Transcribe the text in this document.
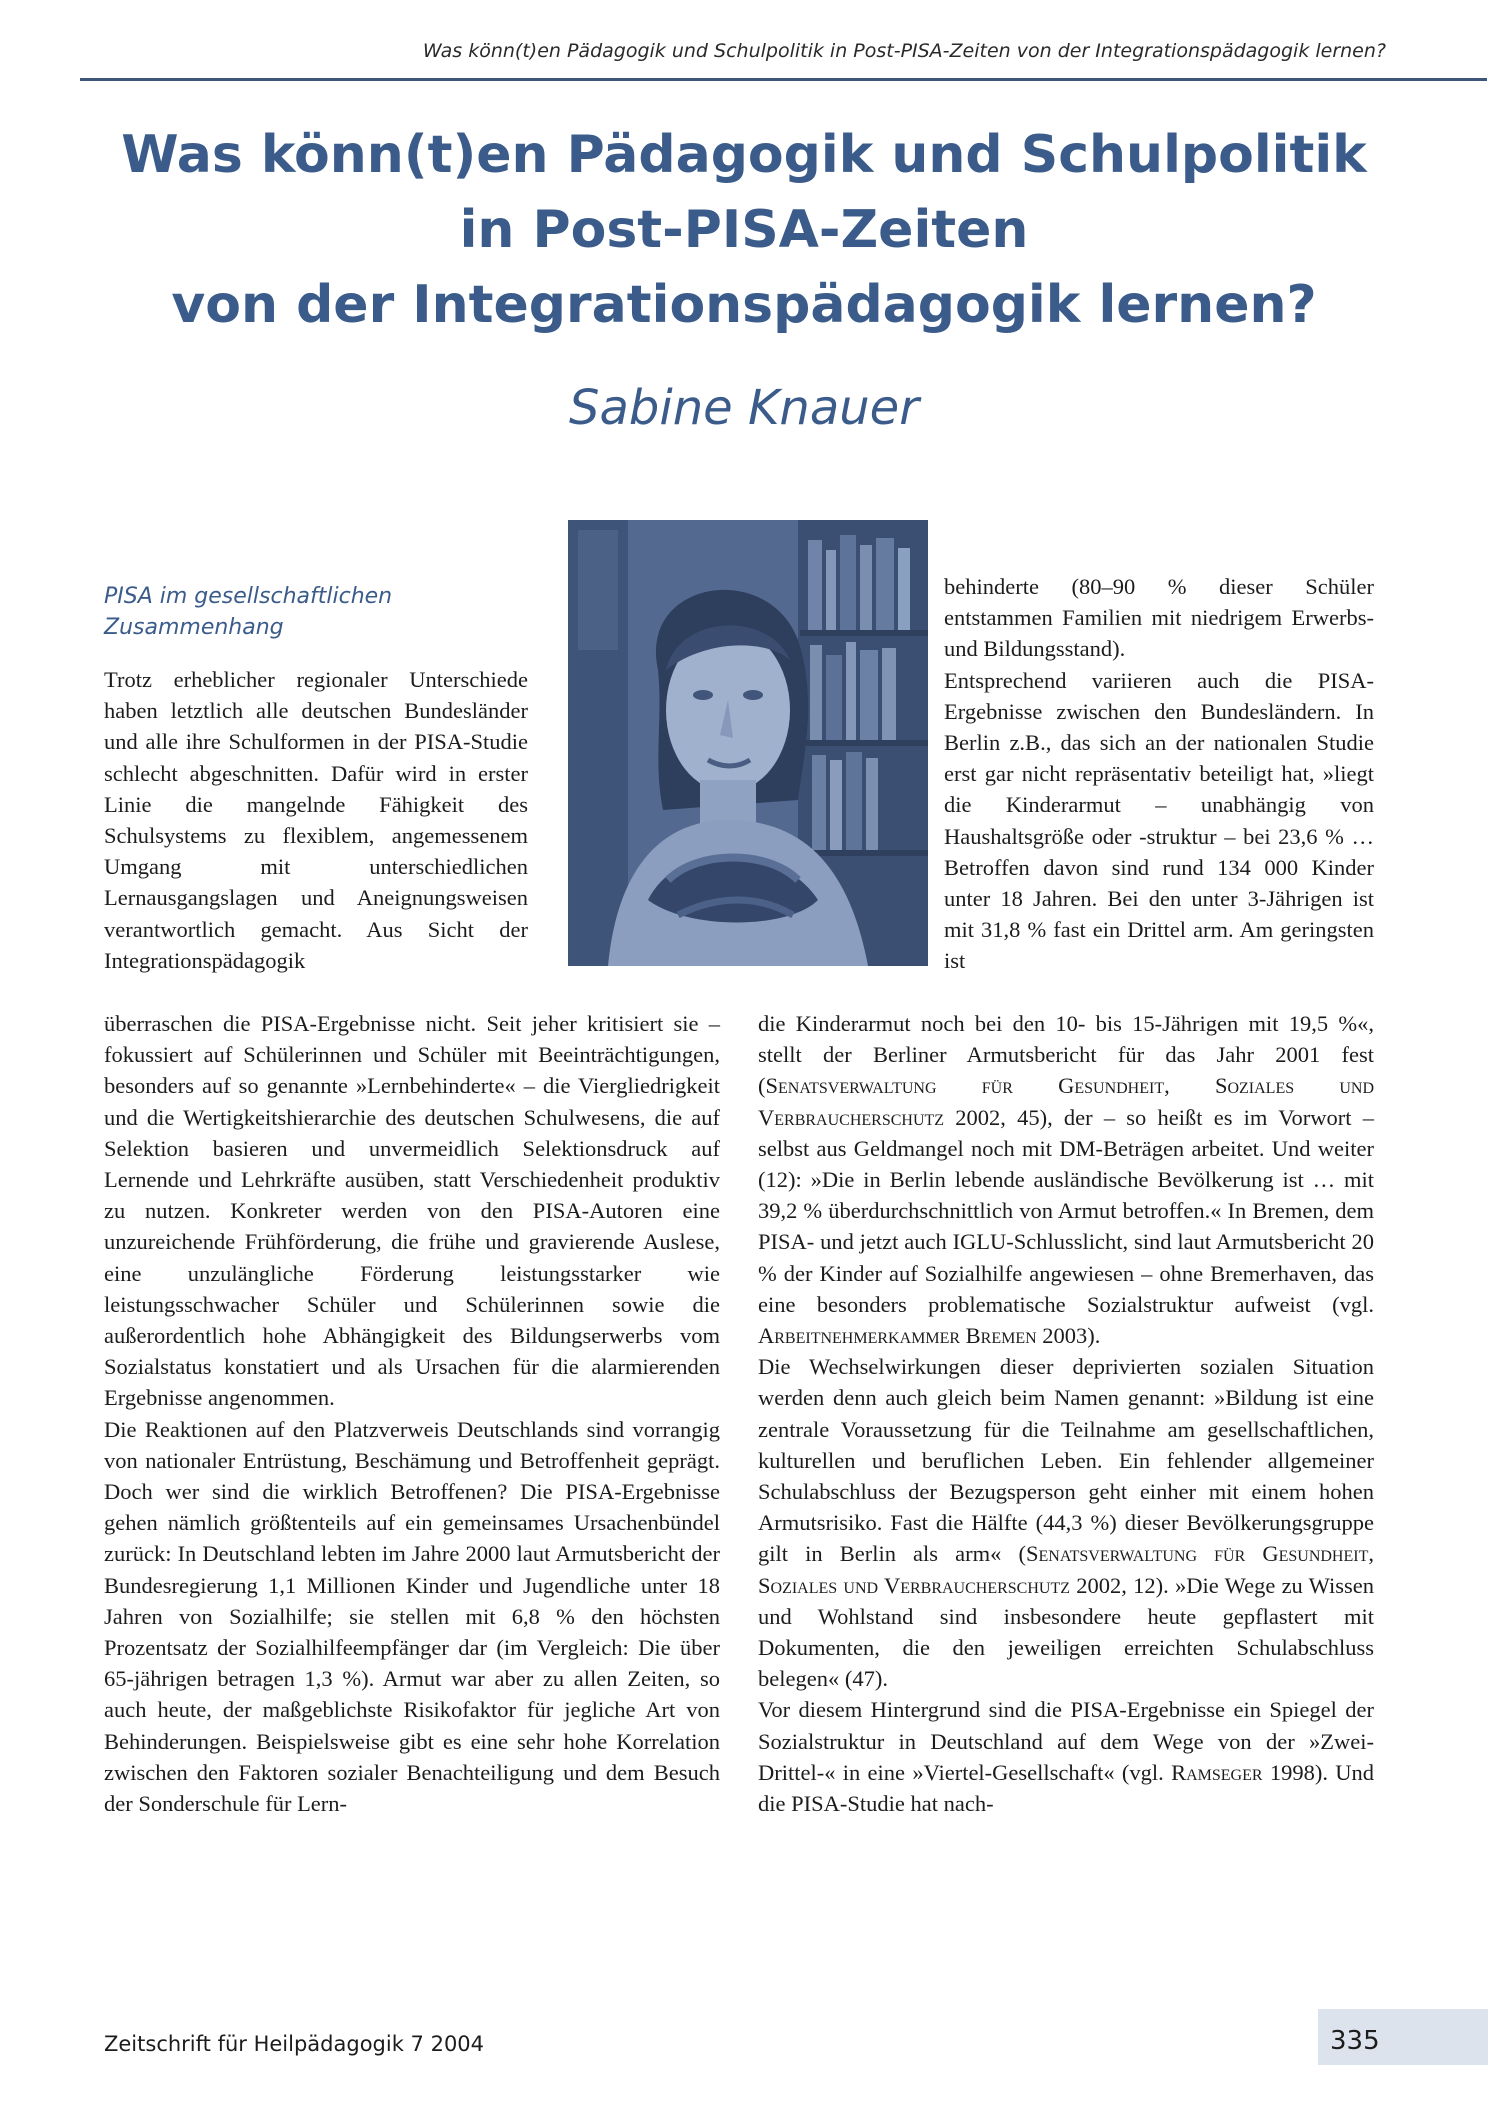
Was könn(t)en Pädagogik und Schulpolitik in Post-PISA-Zeiten von der Integrationspädagogik lernen?
Was könn(t)en Pädagogik und Schulpolitik
in Post-PISA-Zeiten
von der Integrationspädagogik lernen?
Sabine Knauer
PISA im gesellschaftlichen
Zusammenhang

Trotz erheblicher regionaler Unterschiede haben letztlich alle deutschen Bundesländer und alle ihre Schulformen in der PISA-Studie schlecht abgeschnitten. Dafür wird in erster Linie die mangelnde Fähigkeit des Schulsystems zu flexiblem, angemessenem Umgang mit unterschiedlichen Lernausgangslagen und Aneignungsweisen verantwortlich gemacht. Aus Sicht der Integrationspädagogik

überraschen die PISA-Ergebnisse nicht. Seit jeher kritisiert sie – fokussiert auf Schülerinnen und Schüler mit Beeinträchtigungen, besonders auf so genannte »Lernbehinderte« – die Viergliedrigkeit und die Wertigkeitshierarchie des deutschen Schulwesens, die auf Selektion basieren und unvermeidlich Selektionsdruck auf Lernende und Lehrkräfte ausüben, statt Verschiedenheit produktiv zu nutzen. Konkreter werden von den PISA-Autoren eine unzureichende Frühförderung, die frühe und gravierende Auslese, eine unzulängliche Förderung leistungsstarker wie leistungsschwacher Schüler und Schülerinnen sowie die außerordentlich hohe Abhängigkeit des Bildungserwerbs vom Sozialstatus konstatiert und als Ursachen für die alarmierenden Ergebnisse angenommen.

Die Reaktionen auf den Platzverweis Deutschlands sind vorrangig von nationaler Entrüstung, Beschämung und Betroffenheit geprägt. Doch wer sind die wirklich Betroffenen? Die PISA-Ergebnisse gehen nämlich größtenteils auf ein gemeinsames Ursachenbündel zurück: In Deutschland lebten im Jahre 2000 laut Armutsbericht der Bundesregierung 1,1 Millionen Kinder und Jugendliche unter 18 Jahren von Sozialhilfe; sie stellen mit 6,8 % den höchsten Prozentsatz der Sozialhilfeempfänger dar (im Vergleich: Die über 65-jährigen betragen 1,3 %). Armut war aber zu allen Zeiten, so auch heute, der maßgeblichste Risikofaktor für jegliche Art von Behinderungen. Beispielsweise gibt es eine sehr hohe Korrelation zwischen den Faktoren sozialer Benachteiligung und dem Besuch der Sonderschule für Lern-

behinderte (80–90 % dieser Schüler entstammen Familien mit niedrigem Erwerbs- und Bildungsstand).

Entsprechend variieren auch die PISA-Ergebnisse zwischen den Bundesländern. In Berlin z.B., das sich an der nationalen Studie erst gar nicht repräsentativ beteiligt hat, »liegt die Kinderarmut – unabhängig von Haushaltsgröße oder -struktur – bei 23,6 % … Betroffen davon sind rund 134 000 Kinder unter 18 Jahren. Bei den unter 3-Jährigen ist mit 31,8 % fast ein Drittel arm. Am geringsten ist

die Kinderarmut noch bei den 10- bis 15-Jährigen mit 19,5 %«, stellt der Berliner Armutsbericht für das Jahr 2001 fest (Senatsverwaltung für Gesundheit, Soziales und Verbraucherschutz 2002, 45), der – so heißt es im Vorwort – selbst aus Geldmangel noch mit DM-Beträgen arbeitet. Und weiter (12): »Die in Berlin lebende ausländische Bevölkerung ist … mit 39,2 % überdurchschnittlich von Armut betroffen.« In Bremen, dem PISA- und jetzt auch IGLU-Schlusslicht, sind laut Armutsbericht 20 % der Kinder auf Sozialhilfe angewiesen – ohne Bremerhaven, das eine besonders problematische Sozialstruktur aufweist (vgl. Arbeitnehmerkammer Bremen 2003).

Die Wechselwirkungen dieser deprivierten sozialen Situation werden denn auch gleich beim Namen genannt: »Bildung ist eine zentrale Voraussetzung für die Teilnahme am gesellschaftlichen, kulturellen und beruflichen Leben. Ein fehlender allgemeiner Schulabschluss der Bezugsperson geht einher mit einem hohen Armutsrisiko. Fast die Hälfte (44,3 %) dieser Bevölkerungsgruppe gilt in Berlin als arm« (Senatsverwaltung für Gesundheit, Soziales und Verbraucherschutz 2002, 12). »Die Wege zu Wissen und Wohlstand sind insbesondere heute gepflastert mit Dokumenten, die den jeweiligen erreichten Schulabschluss belegen« (47).

Vor diesem Hintergrund sind die PISA-Ergebnisse ein Spiegel der Sozialstruktur in Deutschland auf dem Wege von der »Zwei-Drittel-« in eine »Viertel-Gesellschaft« (vgl. Ramseger 1998). Und die PISA-Studie hat nach-

Zeitschrift für Heilpädagogik 7 2004	335
